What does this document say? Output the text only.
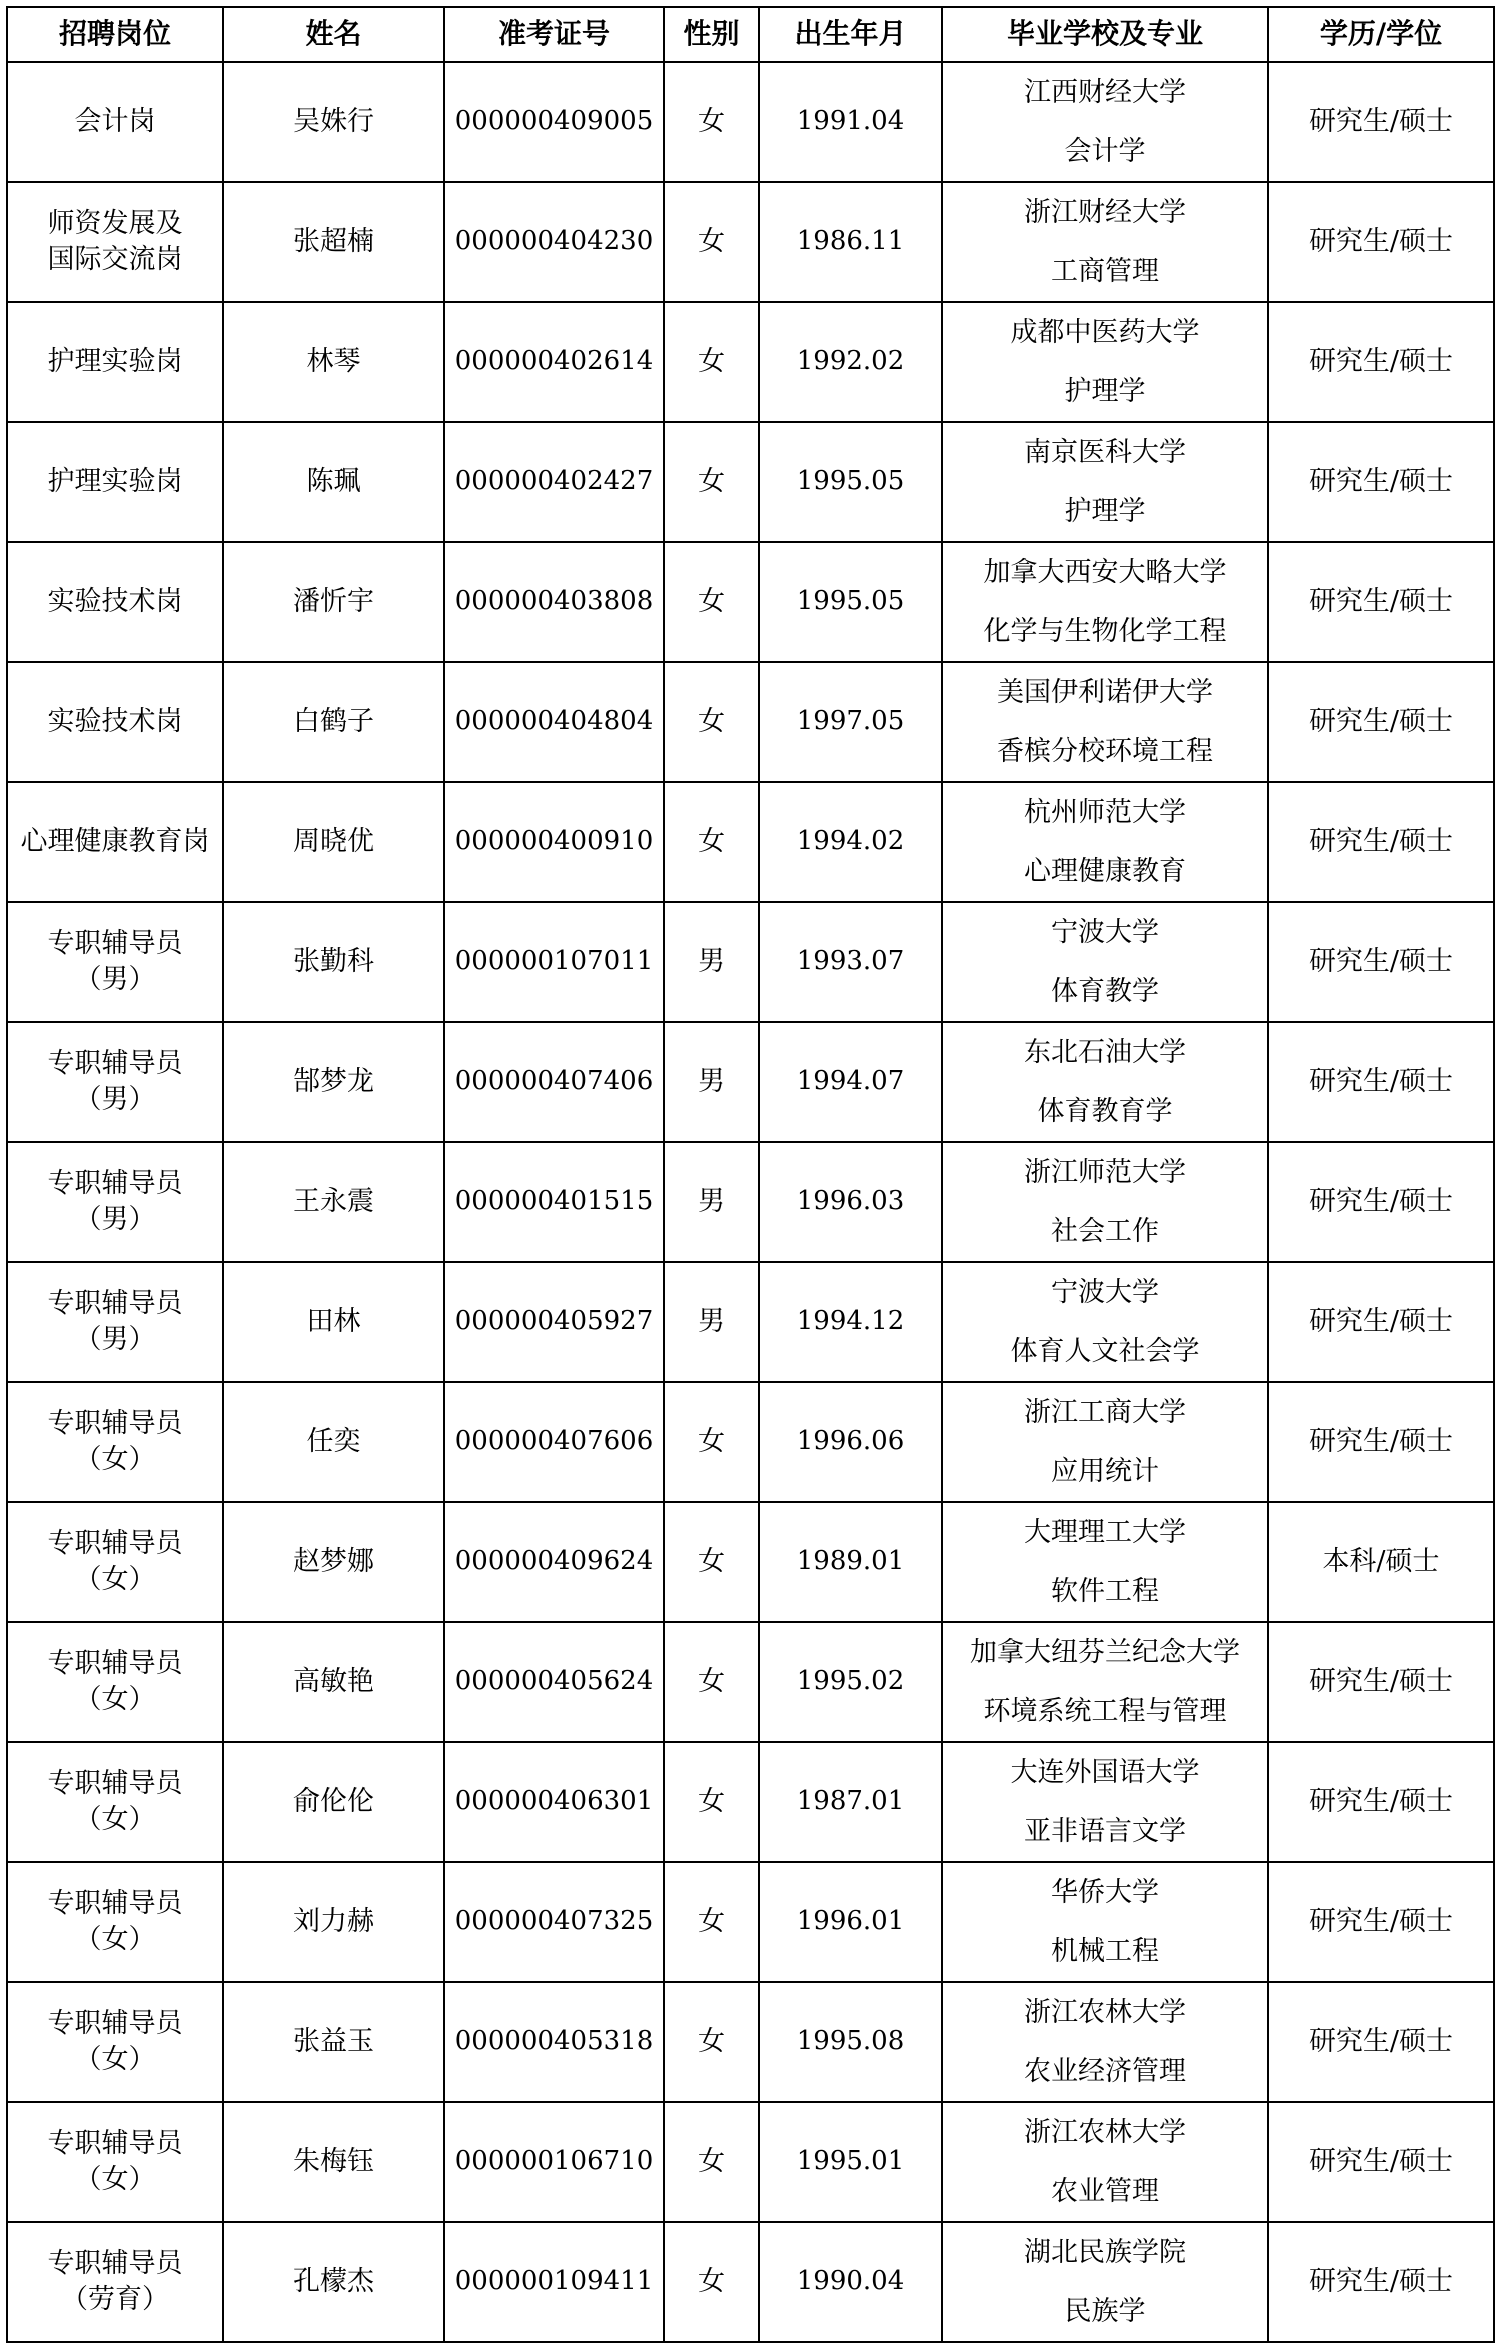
招聘岗位	姓名	准考证号	性别	出生年月	毕业学校及专业	学历/学位

会计岗	吴姝行	000000409005	女	1991.04	江西财经大学
会计学	研究生/硕士

师资发展及
国际交流岗	张超楠	000000404230	女	1986.11	浙江财经大学
工商管理	研究生/硕士

护理实验岗	林琴	000000402614	女	1992.02	成都中医药大学
护理学	研究生/硕士

护理实验岗	陈珮	000000402427	女	1995.05	南京医科大学
护理学	研究生/硕士

实验技术岗	潘忻宇	000000403808	女	1995.05	加拿大西安大略大学
化学与生物化学工程	研究生/硕士

实验技术岗	白鹤子	000000404804	女	1997.05	美国伊利诺伊大学
香槟分校环境工程	研究生/硕士

心理健康教育岗	周晓优	000000400910	女	1994.02	杭州师范大学
心理健康教育	研究生/硕士

专职辅导员
（男）	张勤科	000000107011	男	1993.07	宁波大学
体育教学	研究生/硕士

专职辅导员
（男）	郜梦龙	000000407406	男	1994.07	东北石油大学
体育教育学	研究生/硕士

专职辅导员
（男）	王永震	000000401515	男	1996.03	浙江师范大学
社会工作	研究生/硕士

专职辅导员
（男）	田林	000000405927	男	1994.12	宁波大学
体育人文社会学	研究生/硕士

专职辅导员
（女）	任奕	000000407606	女	1996.06	浙江工商大学
应用统计	研究生/硕士

专职辅导员
（女）	赵梦娜	000000409624	女	1989.01	大理理工大学
软件工程	本科/硕士

专职辅导员
（女）	高敏艳	000000405624	女	1995.02	加拿大纽芬兰纪念大学
环境系统工程与管理	研究生/硕士

专职辅导员
（女）	俞伦伦	000000406301	女	1987.01	大连外国语大学
亚非语言文学	研究生/硕士

专职辅导员
（女）	刘力赫	000000407325	女	1996.01	华侨大学
机械工程	研究生/硕士

专职辅导员
（女）	张益玉	000000405318	女	1995.08	浙江农林大学
农业经济管理	研究生/硕士

专职辅导员
（女）	朱梅钰	000000106710	女	1995.01	浙江农林大学
农业管理	研究生/硕士

专职辅导员
（劳育）	孔檬杰	000000109411	女	1990.04	湖北民族学院
民族学	研究生/硕士
